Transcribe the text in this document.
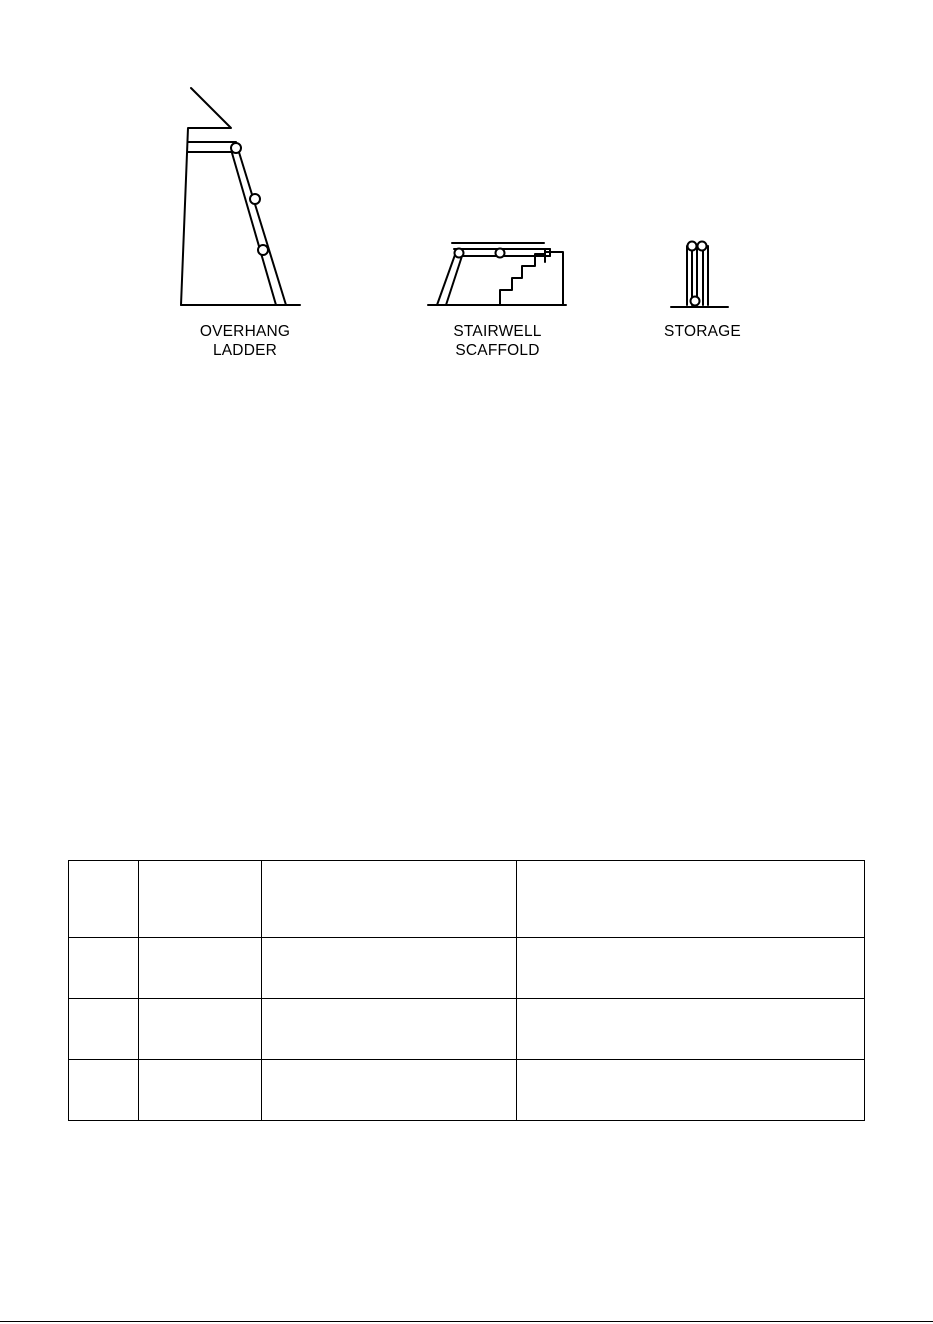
OVERHANG
LADDER
STAIRWELL
SCAFFOLD
STORAGE
